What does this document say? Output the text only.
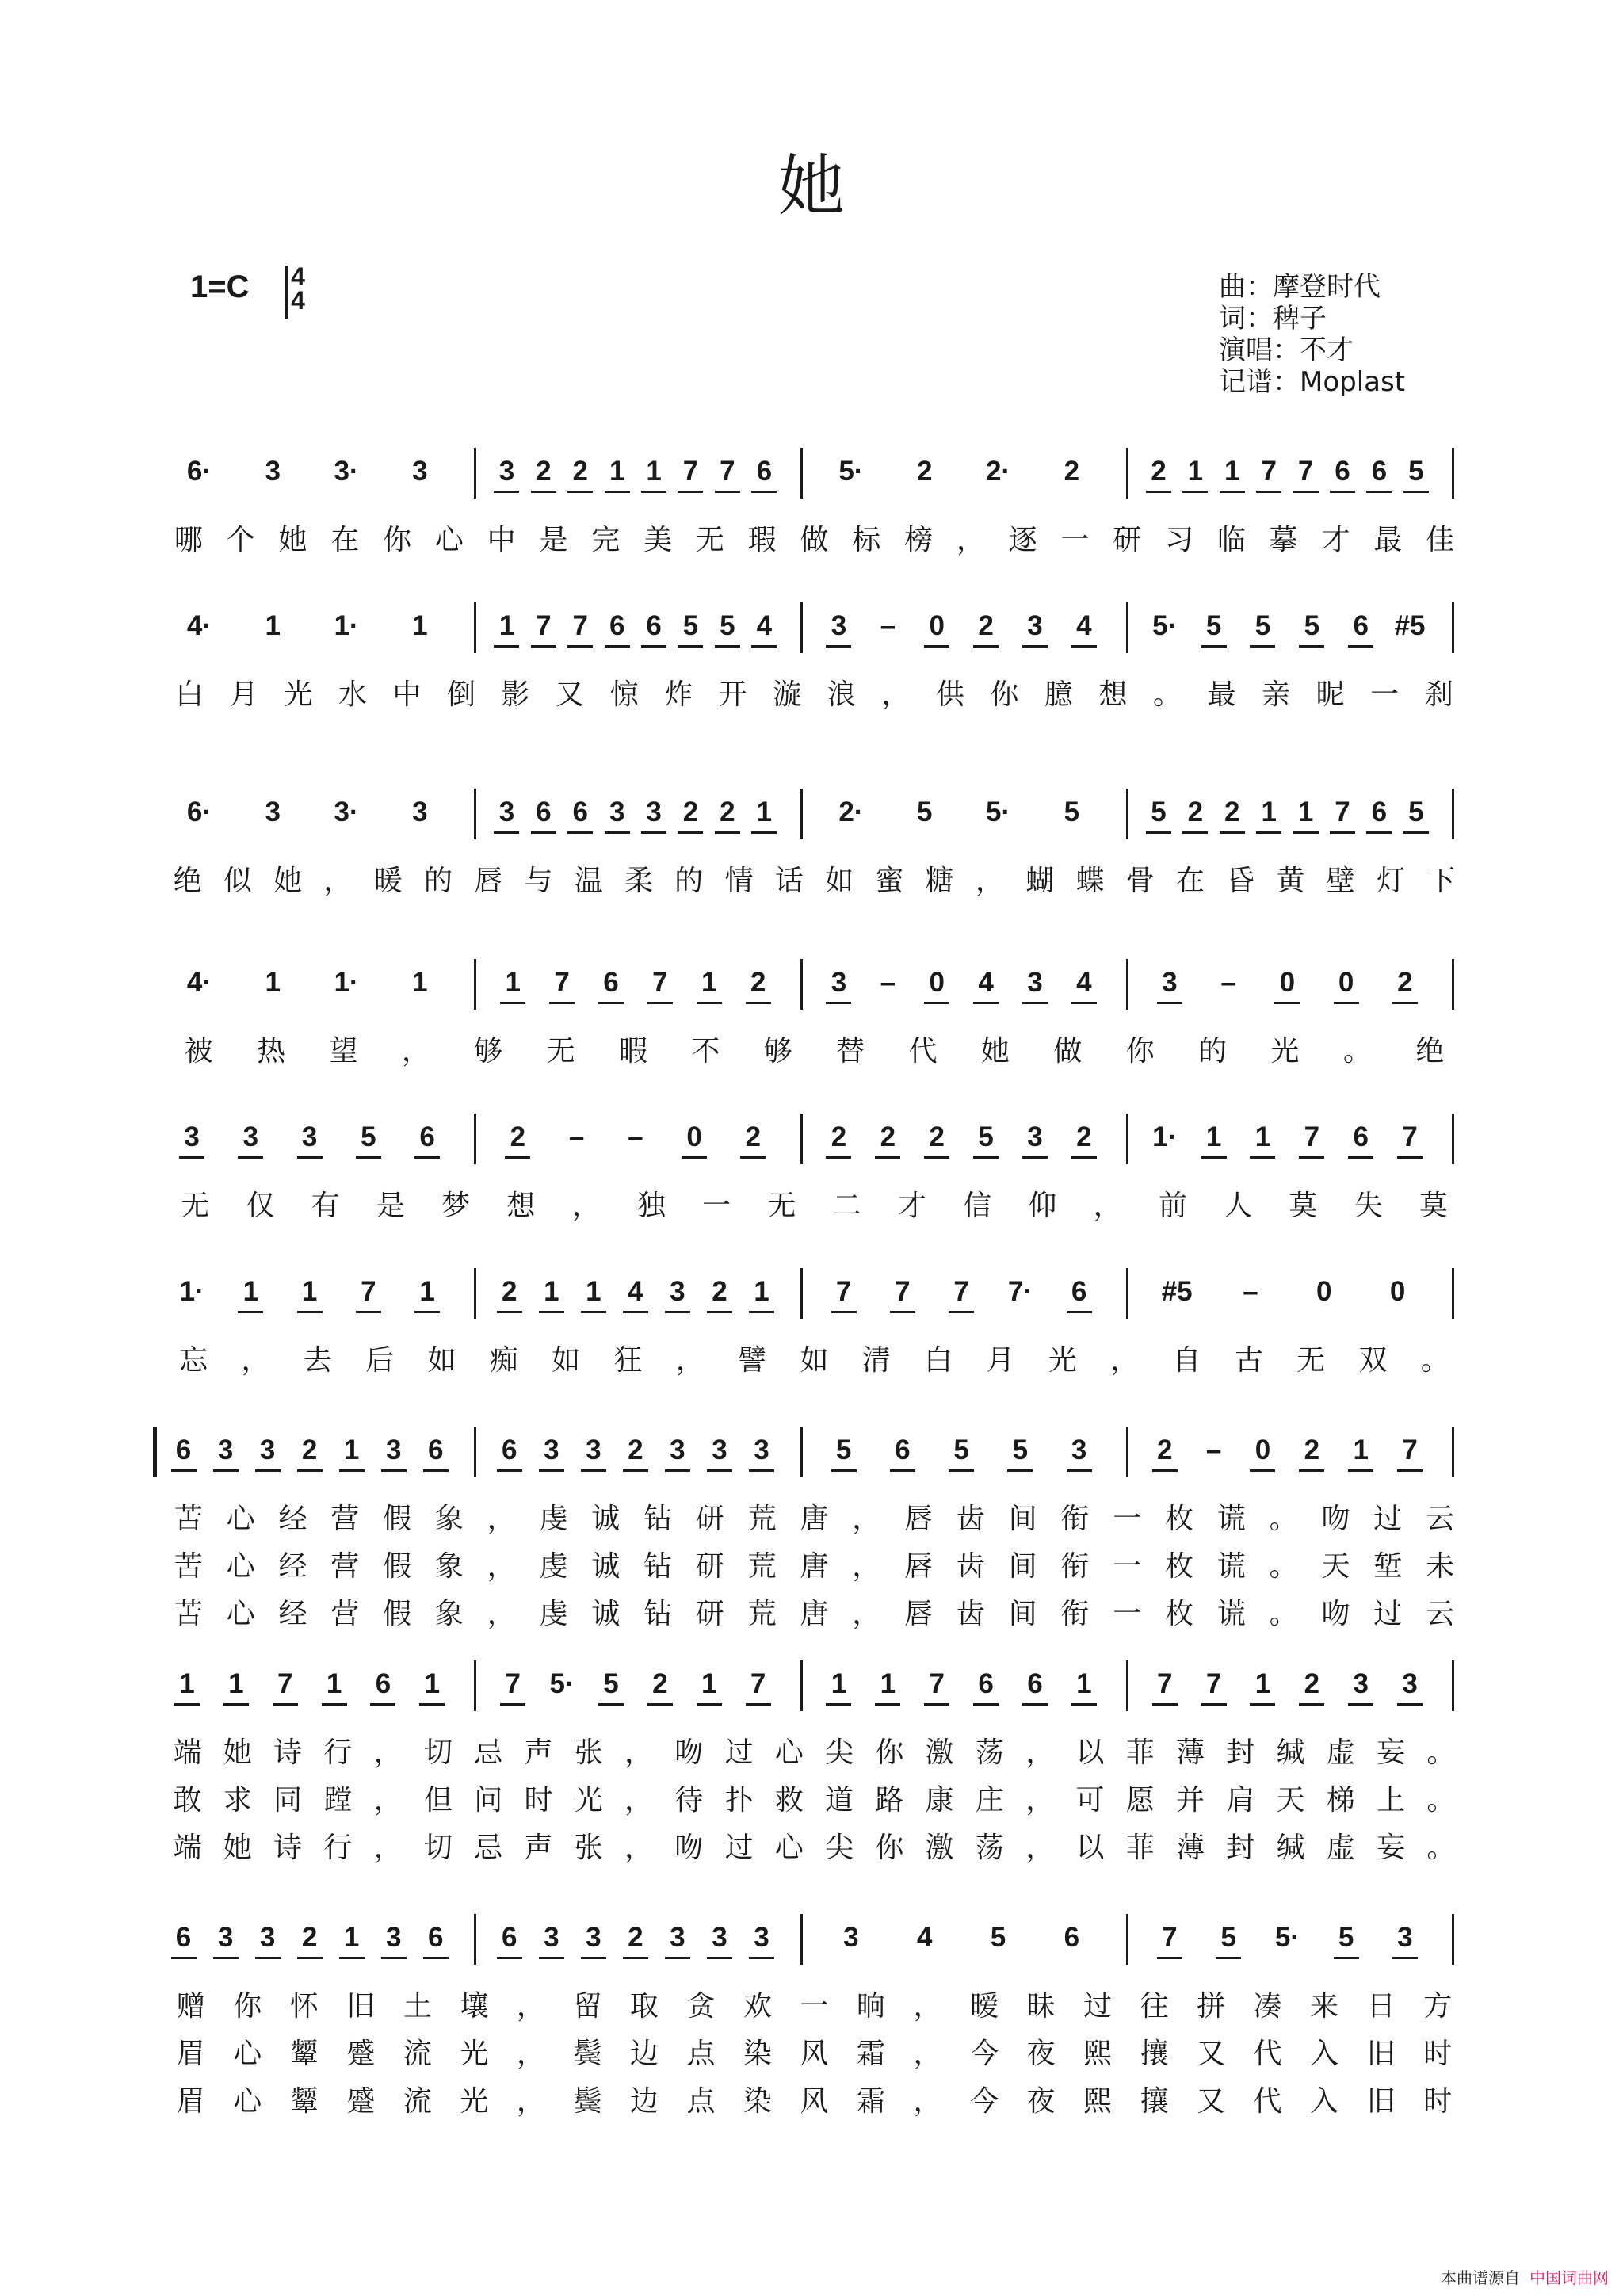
她
1=C	4
4	曲：摩登时代
词：稗子
演唱：不才
记谱：Moplast
6· 3 3· 3	3 2 2 1 1 7 7 6 5· 2 2· 2	2 1 1 7 7 6 6 5
哪 个 她 在 你 心 中 是 完 美 无 瑕 做 标 榜 ， 逐 一 研 习 临 摹 才 最 佳
4· 1 1· 1	1 7 7 6 6 5 5 4 3 – 0 2 3 4 5· 5 5 5 6 #5
白 月 光 水 中 倒 影 又 惊 炸 开 漩 浪 ， 供 你 臆 想 。 最 亲 昵 一 刹
6· 3 3· 3	3 6 6 3 3 2 2 1 2· 5 5· 5	5 2 2 1 1 7 6 5
绝 似 她 ， 暖 的 唇 与 温 柔 的 情 话 如 蜜 糖 ， 蝴 蝶 骨 在 昏 黄 壁 灯 下
4· 1 1· 1	1 7 6 7 1 2 3 – 0 4 3 4	3 – 0 0 2
被 热 望 ， 够 无 暇 不 够 替 代 她 做 你 的 光 。 绝
3 3 3 5 6	2 – – 0 2	2 2 2 5 3 2 1· 1 1 7 6 7
无 仅 有 是 梦 想 ， 独 一 无 二 才 信 仰 ， 前 人 莫 失 莫
1· 1 1 7 1 2 1 1 4 3 2 1 7 7 7 7· 6	#5 – 0 0
忘 ， 去 后 如 痴 如 狂 ， 譬 如 清 白 月 光 ， 自 古 无 双 。
6 3 3 2 1 3 6 6 3 3 2 3 3 3 5 6 5 5 3	2 – 0 2 1 7
苦 心 经 营 假 象 ， 虔 诚 钻 研 荒 唐 ， 唇 齿 间 衔 一 枚 谎 。 吻 过 云
苦 心 经 营 假 象 ， 虔 诚 钻 研 荒 唐 ， 唇 齿 间 衔 一 枚 谎 。 天 堑 未
苦 心 经 营 假 象 ， 虔 诚 钻 研 荒 唐 ， 唇 齿 间 衔 一 枚 谎 。 吻 过 云
1 1 7 1 6 1 7 5· 5 2 1 7 1 1 7 6 6 1 7 7 1 2 3 3
端 她 诗 行 ， 切 忌 声 张 ， 吻 过 心 尖 你 激 荡 ， 以 菲 薄 封 缄 虚 妄 。
敢 求 同 蹚 ， 但 问 时 光 ， 待 扑 救 道 路 康 庄 ， 可 愿 并 肩 天 梯 上 。
端 她 诗 行 ， 切 忌 声 张 ， 吻 过 心 尖 你 激 荡 ， 以 菲 薄 封 缄 虚 妄 。
6 3 3 2 1 3 6 6 3 3 2 3 3 3	3 4 5 6	7 5 5· 5 3
赠 你 怀 旧 土 壤 ， 留 取 贪 欢 一 晌 ， 暧 昧 过 往 拼 凑 来 日 方
眉 心 颦 蹙 流 光 ， 鬓 边 点 染 风 霜 ， 今 夜 熙 攘 又 代 入 旧 时
眉 心 颦 蹙 流 光 ， 鬓 边 点 染 风 霜 ， 今 夜 熙 攘 又 代 入 旧 时
本曲谱源自 中国词曲网
